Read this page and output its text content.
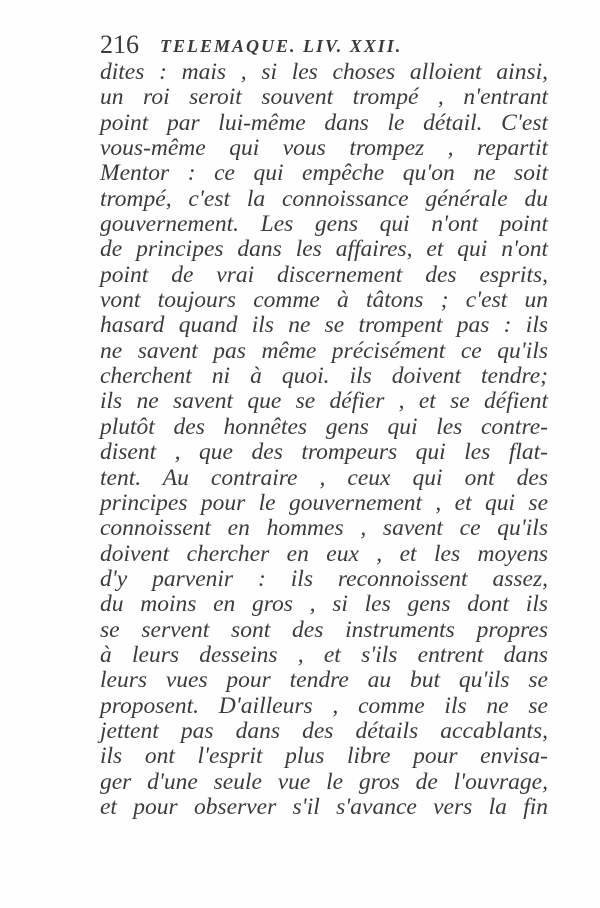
216 TELEMAQUE. LIV. XXII.
dites : mais , si les choses alloient ainsi,
un roi seroit souvent trompé , n'entrant
point par lui-même dans le détail. C'est
vous-même qui vous trompez , repartit
Mentor : ce qui empêche qu'on ne soit
trompé, c'est la connoissance générale du
gouvernement. Les gens qui n'ont point
de principes dans les affaires, et qui n'ont
point de vrai discernement des esprits,
vont toujours comme à tâtons ; c'est un
hasard quand ils ne se trompent pas : ils
ne savent pas même précisément ce qu'ils
cherchent ni à quoi. ils doivent tendre;
ils ne savent que se défier , et se défient
plutôt des honnêtes gens qui les contre-
disent , que des trompeurs qui les flat-
tent. Au contraire , ceux qui ont des
principes pour le gouvernement , et qui se
connoissent en hommes , savent ce qu'ils
doivent chercher en eux , et les moyens
d'y parvenir : ils reconnoissent assez,
du moins en gros , si les gens dont ils
se servent sont des instruments propres
à leurs desseins , et s'ils entrent dans
leurs vues pour tendre au but qu'ils se
proposent. D'ailleurs , comme ils ne se
jettent pas dans des détails accablants,
ils ont l'esprit plus libre pour envisa-
ger d'une seule vue le gros de l'ouvrage,
et pour observer s'il s'avance vers la fin
